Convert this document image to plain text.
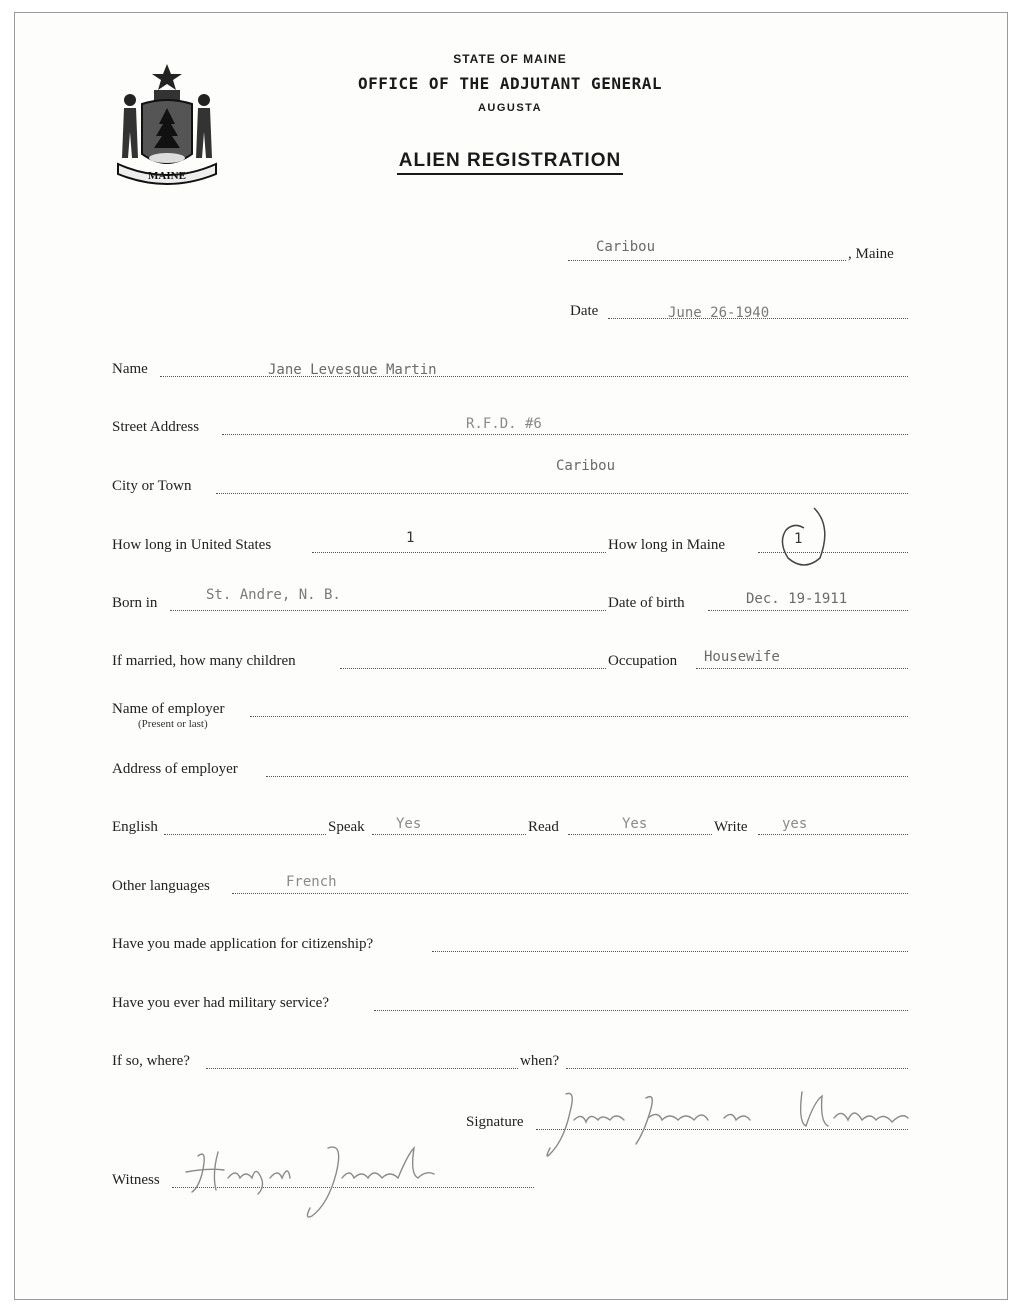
MAINE
STATE OF MAINE
OFFICE OF THE ADJUTANT GENERAL
AUGUSTA
ALIEN REGISTRATION
Caribou	, Maine
Date	June 26-1940
Name	Jane Levesque Martin
Street Address	R.F.D. #6
Caribou
City or Town
How long in United States	1	How long in Maine	1
Born in	St. Andre, N. B.	Date of birth	Dec. 19-1911
If married, how many children	Occupation Housewife
Name of employer
(Present or last)
Address of employer
English	Speak Yes	Read	Yes	Write yes
Other languages	French
Have you made application for citizenship?
Have you ever had military service?
If so, where?	when?
Signature
Jane Levesque Martin
Witness
Hazel A Jacobs
